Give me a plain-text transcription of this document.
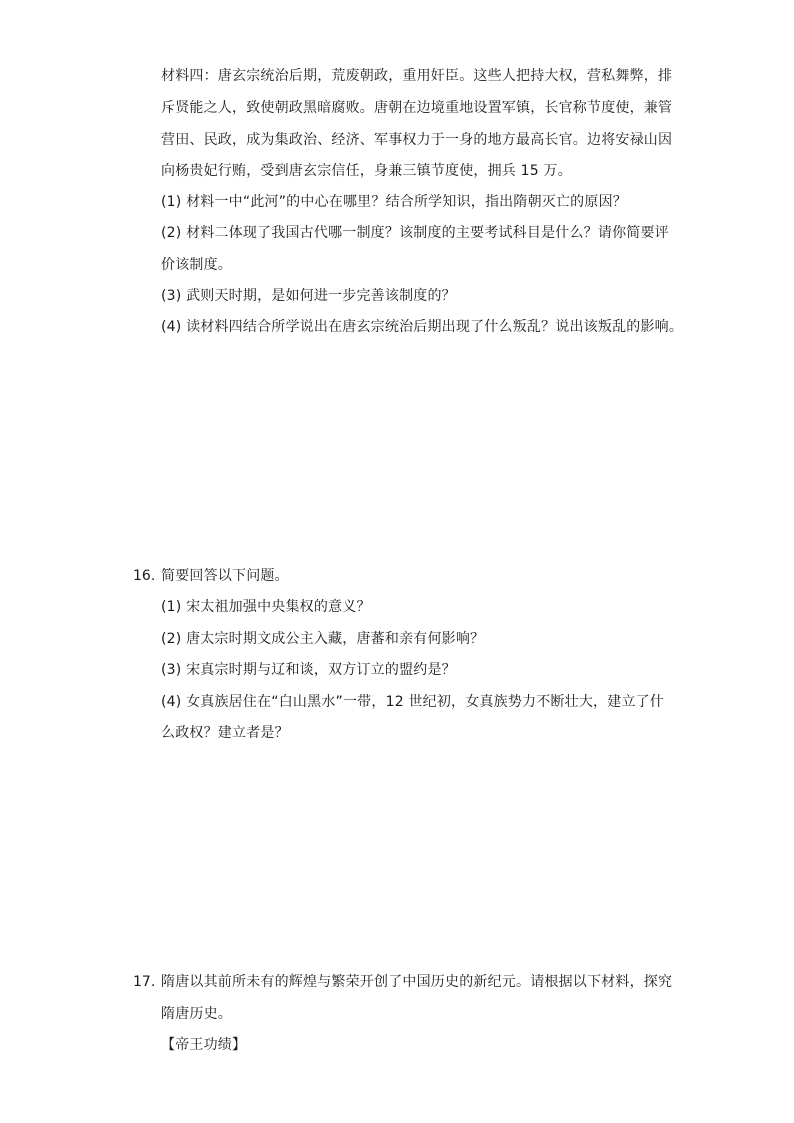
材料四：唐玄宗统治后期，荒废朝政，重用奸臣。这些人把持大权，营私舞弊，排
斥贤能之人，致使朝政黑暗腐败。唐朝在边境重地设置军镇，长官称节度使，兼管
营田、民政，成为集政治、经济、军事权力于一身的地方最高长官。边将安禄山因
向杨贵妃行贿，受到唐玄宗信任，身兼三镇节度使，拥兵 15 万。
(1) 材料一中“此河”的中心在哪里？结合所学知识，指出隋朝灭亡的原因？
(2) 材料二体现了我国古代哪一制度？该制度的主要考试科目是什么？请你简要评
价该制度。
(3) 武则天时期，是如何进一步完善该制度的？
(4) 读材料四结合所学说出在唐玄宗统治后期出现了什么叛乱？说出该叛乱的影响。
16. 简要回答以下问题。
(1) 宋太祖加强中央集权的意义？
(2) 唐太宗时期文成公主入藏，唐蕃和亲有何影响？
(3) 宋真宗时期与辽和谈，双方订立的盟约是？
(4) 女真族居住在“白山黑水”一带，12 世纪初，女真族势力不断壮大，建立了什
么政权？建立者是？
17. 隋唐以其前所未有的辉煌与繁荣开创了中国历史的新纪元。请根据以下材料，探究
隋唐历史。
【帝王功绩】
